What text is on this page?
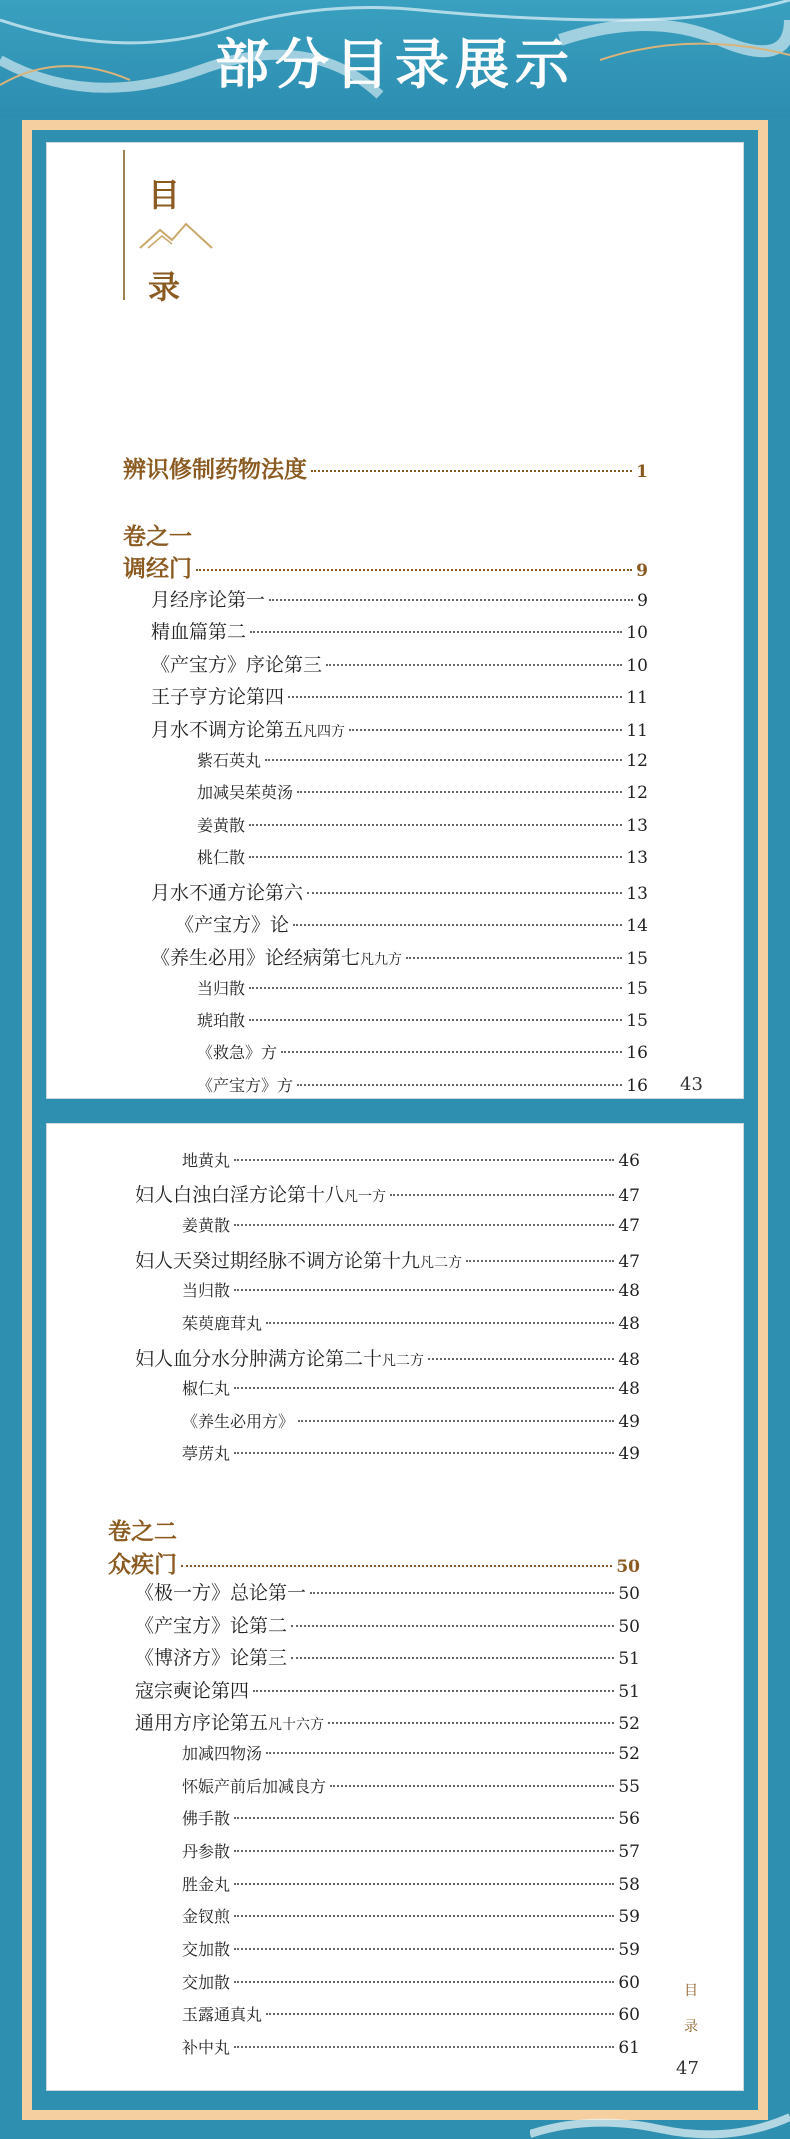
部分目录展示
目
录
辨识修制药物法度	1
卷之一
调经门	9
月经序论第一	9
精血篇第二	10
《产宝方》序论第三	10
王子亨方论第四	11
月水不调方论第五 凡四方	11
紫石英丸	12
加减吴茱萸汤	12
姜黄散	13
桃仁散	13
月水不通方论第六	13
《产宝方》论	14
《养生必用》论经病第七 凡九方	15
当归散	15
琥珀散	15
《救急》方	16
《产宝方》方	16
地黄丸	46
妇人白浊白淫方论第十八 凡一方	47
姜黄散	47
妇人天癸过期经脉不调方论第十九 凡二方	47
当归散	48
茱萸鹿茸丸	48
妇人血分水分肿满方论第二十 凡二方	48
椒仁丸	48
《养生必用方》	49
葶苈丸	49
卷之二
众疾门	50
《极一方》总论第一	50
《产宝方》论第二	50
《博济方》论第三	51
寇宗奭论第四	51
通用方序论第五 凡十六方	52
加减四物汤	52
怀娠产前后加减良方	55
佛手散	56
丹参散	57
胜金丸	58
金钗煎	59
交加散	59
交加散	60
玉露通真丸	60
补中丸	61
43
目
录
47
